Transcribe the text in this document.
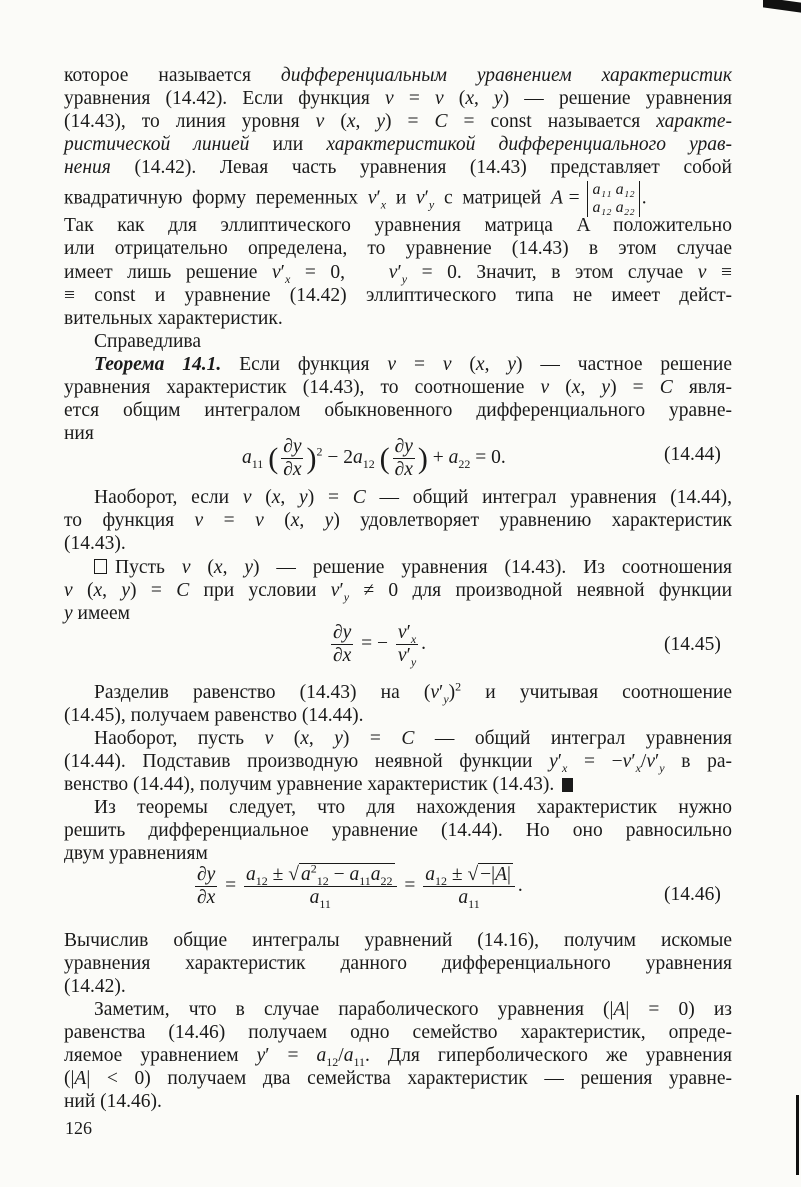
которое называется дифференциальным уравнением характеристик
уравнения (14.42). Если функция v = v (x, y) — решение уравнения
(14.43), то линия уровня v (x, y) = C = const называется характе-
ристической линией или характеристикой дифференциального урав-
нения (14.42). Левая часть уравнения (14.43) представляет собой
квадратичную  форму  переменных  $v'_x$  и  $v'_y$  с  матрицей  A = a₁₁ a₁₂
a₁₂ a₂₂ .
Так как для эллиптического уравнения матрица A положительно
или отрицательно определена, то уравнение (14.43) в этом случае
имеет лишь решение $v'_x = 0$,   $v'_y = 0$. Значит, в этом случае v ≡
≡ const и уравнение (14.42) эллиптического типа не имеет дейст-
вительных характеристик.
Справедлива
Теорема 14.1. Если функция v = v (x, y) — частное решение
уравнения характеристик (14.43), то соотношение v (x, y) = C явля-
ется общим интегралом обыкновенного дифференциального уравне-
ния
$a_{11}$ ( $\frac{\partial y}{\partial x} )^2 - 2a_{12}$ ( $\frac{\partial y}{\partial x}$ ) + $a_{22} = 0$.	(14.44)
Наоборот, если v (x, y) = C — общий интеграл уравнения (14.44),
то функция v = v (x, y) удовлетворяет уравнению характеристик
(14.43).
Пусть v (x, y) — решение уравнения (14.43). Из соотношения
v (x, y) = C при условии $v'_y \ne 0$ для производной неявной функции
y имеем
$\frac{\partial y}{\partial x}$ = − $\frac{v'_x}{v'_y}$ .	(14.45)
Разделив равенство (14.43) на $(v'_y)^2$ и учитывая соотношение
(14.45), получаем равенство (14.44).
Наоборот, пусть v (x, y) = C — общий интеграл уравнения
(14.44). Подставив производную неявной функции $y'_x = -v'_x/v'_y$ в ра-
венство (14.44), получим уравнение характеристик (14.43).
Из теоремы следует, что для нахождения характеристик нужно
решить дифференциальное уравнение (14.44). Но оно равносильно
двум уравнениям
$\frac{\partial y}{\partial x} = \frac{a_{12} \pm √ a^2_{12} - a_{11}a_{22}}{a_{11}} = \frac{a_{12} \pm √ -|A|}{a_{11}}$ .	(14.46)
Вычислив общие интегралы уравнений (14.16), получим искомые
уравнения характеристик данного дифференциального уравнения
(14.42).
Заметим, что в случае параболического уравнения (|A| = 0) из
равенства (14.46) получаем одно семейство характеристик, опреде-
ляемое уравнением $y' = a_{12}/a_{11}$. Для гиперболического же уравнения
(|A| < 0) получаем два семейства характеристик — решения уравне-
ний (14.46).
126
